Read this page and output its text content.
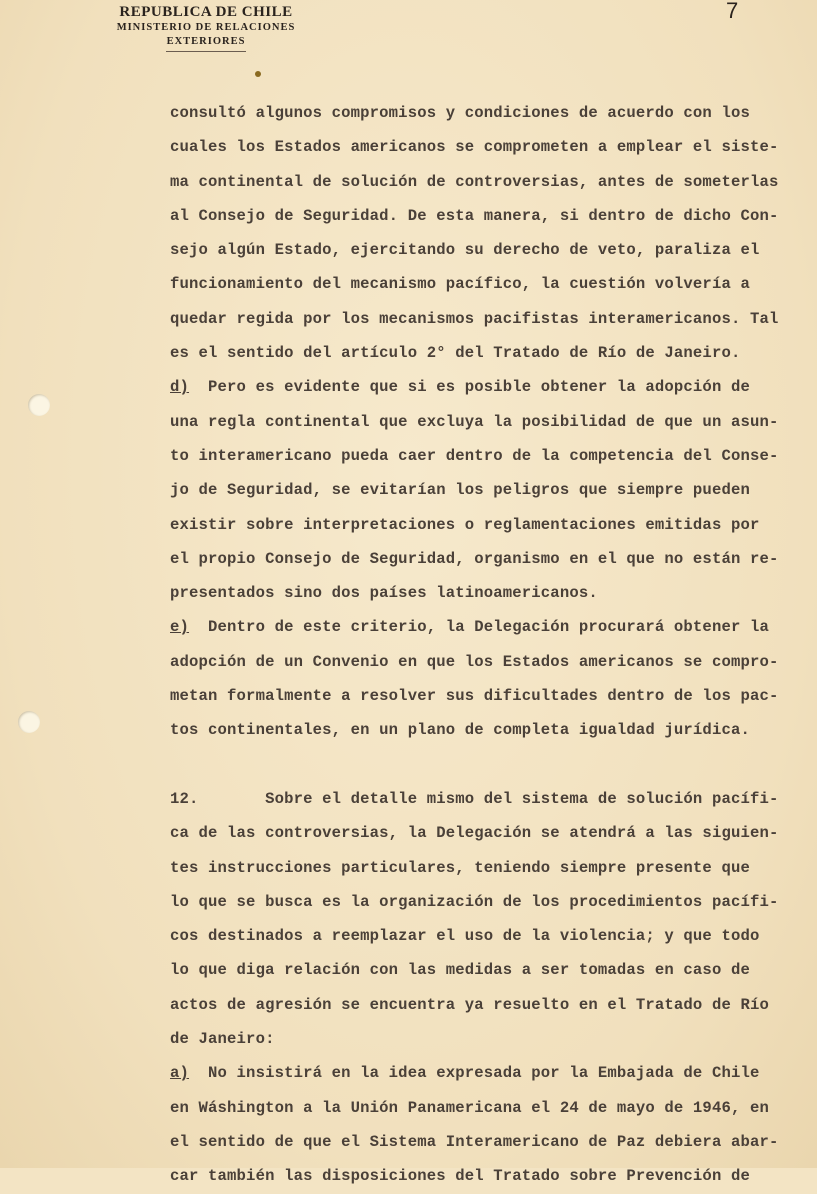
REPUBLICA DE CHILE
MINISTERIO DE RELACIONES
EXTERIORES
7
consultó algunos compromisos y condiciones de acuerdo con los
cuales los Estados americanos se comprometen a emplear el siste-
ma continental de solución de controversias, antes de someterlas
al Consejo de Seguridad. De esta manera, si dentro de dicho Con-
sejo algún Estado, ejercitando su derecho de veto, paraliza el
funcionamiento del mecanismo pacífico, la cuestión volvería a
quedar regida por los mecanismos pacifistas interamericanos. Tal
es el sentido del artículo 2° del Tratado de Río de Janeiro.
d)  Pero es evidente que si es posible obtener la adopción de
una regla continental que excluya la posibilidad de que un asun-
to interamericano pueda caer dentro de la competencia del Conse-
jo de Seguridad, se evitarían los peligros que siempre pueden
existir sobre interpretaciones o reglamentaciones emitidas por
el propio Consejo de Seguridad, organismo en el que no están re-
presentados sino dos países latinoamericanos.
e)  Dentro de este criterio, la Delegación procurará obtener la
adopción de un Convenio en que los Estados americanos se compro-
metan formalmente a resolver sus dificultades dentro de los pac-
tos continentales, en un plano de completa igualdad jurídica.
12.       Sobre el detalle mismo del sistema de solución pacífi-
ca de las controversias, la Delegación se atendrá a las siguien-
tes instrucciones particulares, teniendo siempre presente que
lo que se busca es la organización de los procedimientos pacífi-
cos destinados a reemplazar el uso de la violencia; y que todo
lo que diga relación con las medidas a ser tomadas en caso de
actos de agresión se encuentra ya resuelto en el Tratado de Río
de Janeiro:
a)  No insistirá en la idea expresada por la Embajada de Chile
en Wáshington a la Unión Panamericana el 24 de mayo de 1946, en
el sentido de que el Sistema Interamericano de Paz debiera abar-
car también las disposiciones del Tratado sobre Prevención de
